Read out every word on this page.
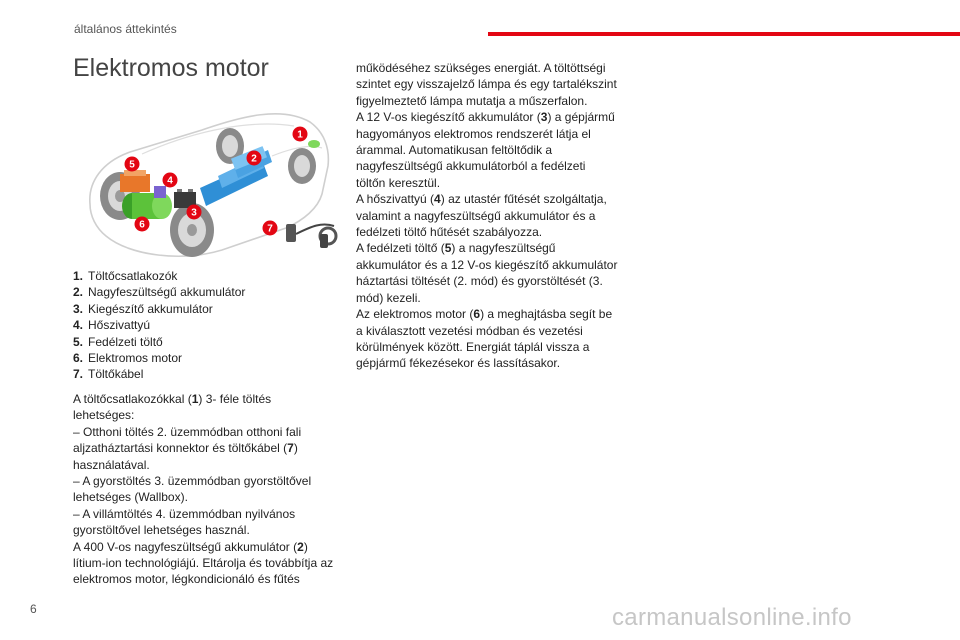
általános áttekintés
Elektromos motor
1
2
3
4
5
6	7
1. Töltőcsatlakozók
2. Nagyfeszültségű akkumulátor
3. Kiegészítő akkumulátor
4. Hőszivattyú
5. Fedélzeti töltő
6. Elektromos motor
7. Töltőkábel

A töltőcsatlakozókkal (1) 3- féle töltés lehetséges:

– Otthoni töltés 2. üzemmódban otthoni fali aljzatháztartási konnektor és töltőkábel (7) használatával.

– A gyorstöltés 3. üzemmódban gyorstöltővel lehetséges (Wallbox).

– A villámtöltés 4. üzemmódban nyilvános gyorstöltővel lehetséges használ.

A 400 V-os nagyfeszültségű akkumulátor (2) lítium-ion technológiájú. Eltárolja és továbbítja az elektromos motor, légkondicionáló és fűtés

működéséhez szükséges energiát. A töltöttségi szintet egy visszajelző lámpa és egy tartalékszint figyelmeztető lámpa mutatja a műszerfalon.

A 12 V-os kiegészítő akkumulátor (3) a gépjármű hagyományos elektromos rendszerét látja el árammal. Automatikusan feltöltődik a nagyfeszültségű akkumulátorból a fedélzeti töltőn keresztül.

A hőszivattyú (4) az utastér fűtését szolgáltatja, valamint a nagyfeszültségű akkumulátor és a fedélzeti töltő hűtését szabályozza.

A fedélzeti töltő (5) a nagyfeszültségű akkumulátor és a 12 V-os kiegészítő akkumulátor háztartási töltését (2. mód) és gyorstöltését (3. mód) kezeli.

Az elektromos motor (6) a meghajtásba segít be a kiválasztott vezetési módban és vezetési körülmények között. Energiát táplál vissza a gépjármű fékezésekor és lassításakor.

6	carmanualsonline.info
